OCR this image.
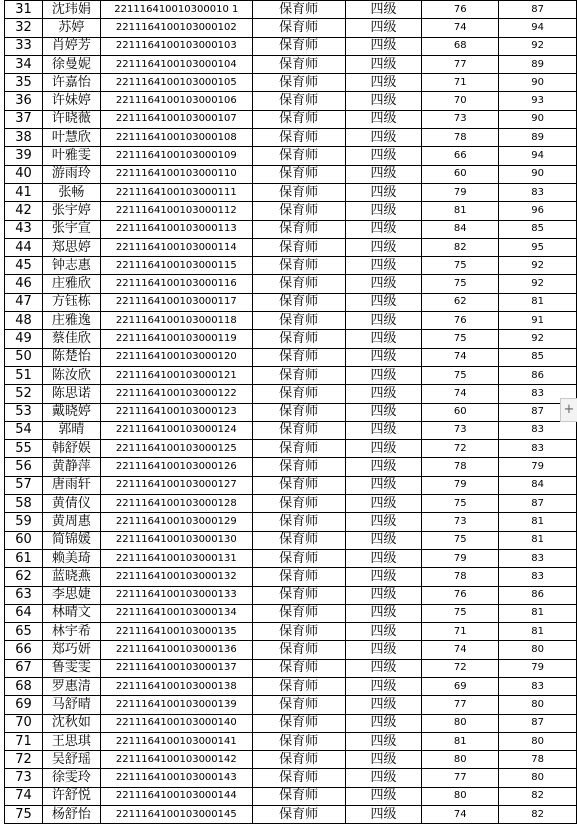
31	沈玮娟	221116410010300010 1	保育师	四级	76	87
32	苏婷	2211164100103000102	保育师	四级	74	94
33	肖婷芳	2211164100103000103	保育师	四级	68	92
34	徐曼妮	2211164100103000104	保育师	四级	77	89
35	许嘉怡	2211164100103000105	保育师	四级	71	90
36	许妹婷	2211164100103000106	保育师	四级	70	93
37	许晓薇	2211164100103000107	保育师	四级	73	90
38	叶慧欣	2211164100103000108	保育师	四级	78	89
39	叶雅雯	2211164100103000109	保育师	四级	66	94
40	游雨玲	2211164100103000110	保育师	四级	60	90
41	张畅	2211164100103000111	保育师	四级	79	83
42	张宇婷	2211164100103000112	保育师	四级	81	96
43	张宇宣	2211164100103000113	保育师	四级	84	85
44	郑思婷	2211164100103000114	保育师	四级	82	95
45	钟志惠	2211164100103000115	保育师	四级	75	92
46	庄雅欣	2211164100103000116	保育师	四级	75	92
47	方钰栋	2211164100103000117	保育师	四级	62	81
48	庄雅逸	2211164100103000118	保育师	四级	76	91
49	蔡佳欣	2211164100103000119	保育师	四级	75	92
50	陈楚怡	2211164100103000120	保育师	四级	74	85
51	陈汝欣	2211164100103000121	保育师	四级	75	86
52	陈思诺	2211164100103000122	保育师	四级	74	83
53	戴晓婷	2211164100103000123	保育师	四级	60	87
54	郭晴	2211164100103000124	保育师	四级	73	83
55	韩舒娱	2211164100103000125	保育师	四级	72	83
56	黄静萍	2211164100103000126	保育师	四级	78	79
57	唐雨轩	2211164100103000127	保育师	四级	79	84
58	黄倩仪	2211164100103000128	保育师	四级	75	87
59	黄周惠	2211164100103000129	保育师	四级	73	81
60	简锦媛	2211164100103000130	保育师	四级	75	81
61	赖美琦	2211164100103000131	保育师	四级	79	83
62	蓝晓燕	2211164100103000132	保育师	四级	78	83
63	李思婕	2211164100103000133	保育师	四级	76	86
64	林晴文	2211164100103000134	保育师	四级	75	81
65	林宇希	2211164100103000135	保育师	四级	71	81
66	郑巧妍	2211164100103000136	保育师	四级	74	80
67	鲁雯雯	2211164100103000137	保育师	四级	72	79
68	罗惠清	2211164100103000138	保育师	四级	69	83
69	马舒晴	2211164100103000139	保育师	四级	77	80
70	沈秋如	2211164100103000140	保育师	四级	80	87
71	王思琪	2211164100103000141	保育师	四级	81	80
72	吴舒瑶	2211164100103000142	保育师	四级	80	78
73	徐雯玲	2211164100103000143	保育师	四级	77	80
74	许舒悦	2211164100103000144	保育师	四级	80	82
75	杨舒怡	2211164100103000145	保育师	四级	74	82
+
